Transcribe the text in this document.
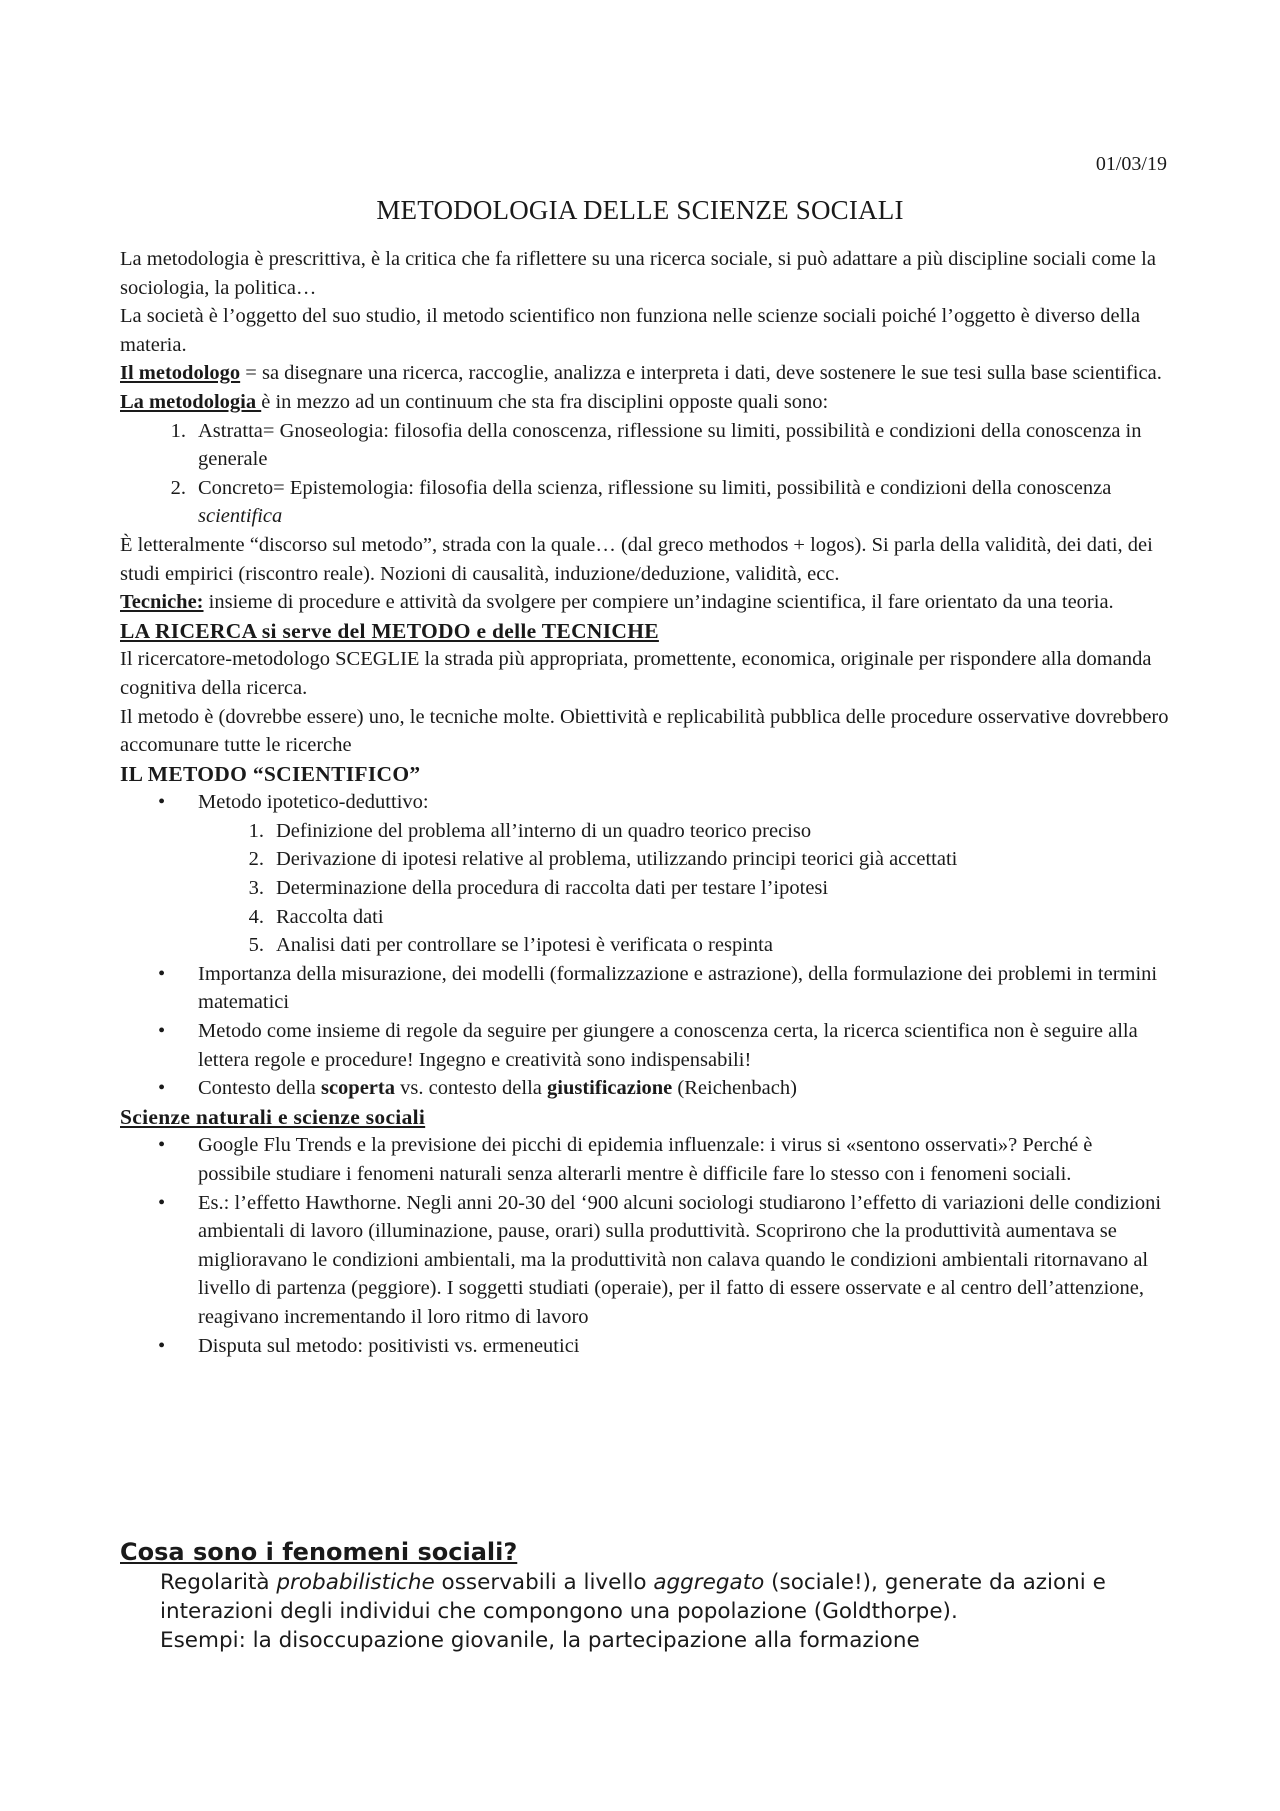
01/03/19
METODOLOGIA DELLE SCIENZE SOCIALI

La metodologia è prescrittiva, è la critica che fa riflettere su una ricerca sociale, si può adattare a più discipline sociali come la sociologia, la politica…

La società è l’oggetto del suo studio, il metodo scientifico non funziona nelle scienze sociali poiché l’oggetto è diverso della materia.

Il metodologo = sa disegnare una ricerca, raccoglie, analizza e interpreta i dati, deve sostenere le sue tesi sulla base scientifica.

La metodologia è in mezzo ad un continuum che sta fra disciplini opposte quali sono:

1. Astratta= Gnoseologia: filosofia della conoscenza, riflessione su limiti, possibilità e condizioni della conoscenza in generale
2. Concreto= Epistemologia: filosofia della scienza, riflessione su limiti, possibilità e condizioni della conoscenza scientifica

È letteralmente “discorso sul metodo”, strada con la quale… (dal greco methodos + logos). Si parla della validità, dei dati, dei studi empirici (riscontro reale). Nozioni di causalità, induzione/deduzione, validità, ecc.

Tecniche: insieme di procedure e attività da svolgere per compiere un’indagine scientifica, il fare orientato da una teoria.

LA RICERCA si serve del METODO e delle TECNICHE

Il ricercatore-metodologo SCEGLIE la strada più appropriata, promettente, economica, originale per rispondere alla domanda cognitiva della ricerca.

Il metodo è (dovrebbe essere) uno, le tecniche molte. Obiettività e replicabilità pubblica delle procedure osservative dovrebbero accomunare tutte le ricerche

IL METODO “SCIENTIFICO”

•	Metodo ipotetico-deduttivo:
1. Definizione del problema all’interno di un quadro teorico preciso
2. Derivazione di ipotesi relative al problema, utilizzando principi teorici già accettati
3. Determinazione della procedura di raccolta dati per testare l’ipotesi
4. Raccolta dati
5. Analisi dati per controllare se l’ipotesi è verificata o respinta
•	Importanza della misurazione, dei modelli (formalizzazione e astrazione), della formulazione dei problemi in termini matematici
•	Metodo come insieme di regole da seguire per giungere a conoscenza certa, la ricerca scientifica non è seguire alla lettera regole e procedure! Ingegno e creatività sono indispensabili!
•	Contesto della scoperta vs. contesto della giustificazione (Reichenbach)

Scienze naturali e scienze sociali

•	Google Flu Trends e la previsione dei picchi di epidemia influenzale: i virus si «sentono osservati»? Perché è possibile studiare i fenomeni naturali senza alterarli mentre è difficile fare lo stesso con i fenomeni sociali.
•	Es.: l’effetto Hawthorne. Negli anni 20-30 del ‘900 alcuni sociologi studiarono l’effetto di variazioni delle condizioni ambientali di lavoro (illuminazione, pause, orari) sulla produttività. Scoprirono che la produttività aumentava se miglioravano le condizioni ambientali, ma la produttività non calava quando le condizioni ambientali ritornavano al livello di partenza (peggiore). I soggetti studiati (operaie), per il fatto di essere osservate e al centro dell’attenzione, reagivano incrementando il loro ritmo di lavoro
•	Disputa sul metodo: positivisti vs. ermeneutici

Cosa sono i fenomeni sociali?

Regolarità probabilistiche osservabili a livello aggregato (sociale!), generate da azioni e interazioni degli individui che compongono una popolazione (Goldthorpe).

Esempi: la disoccupazione giovanile, la partecipazione alla formazione
